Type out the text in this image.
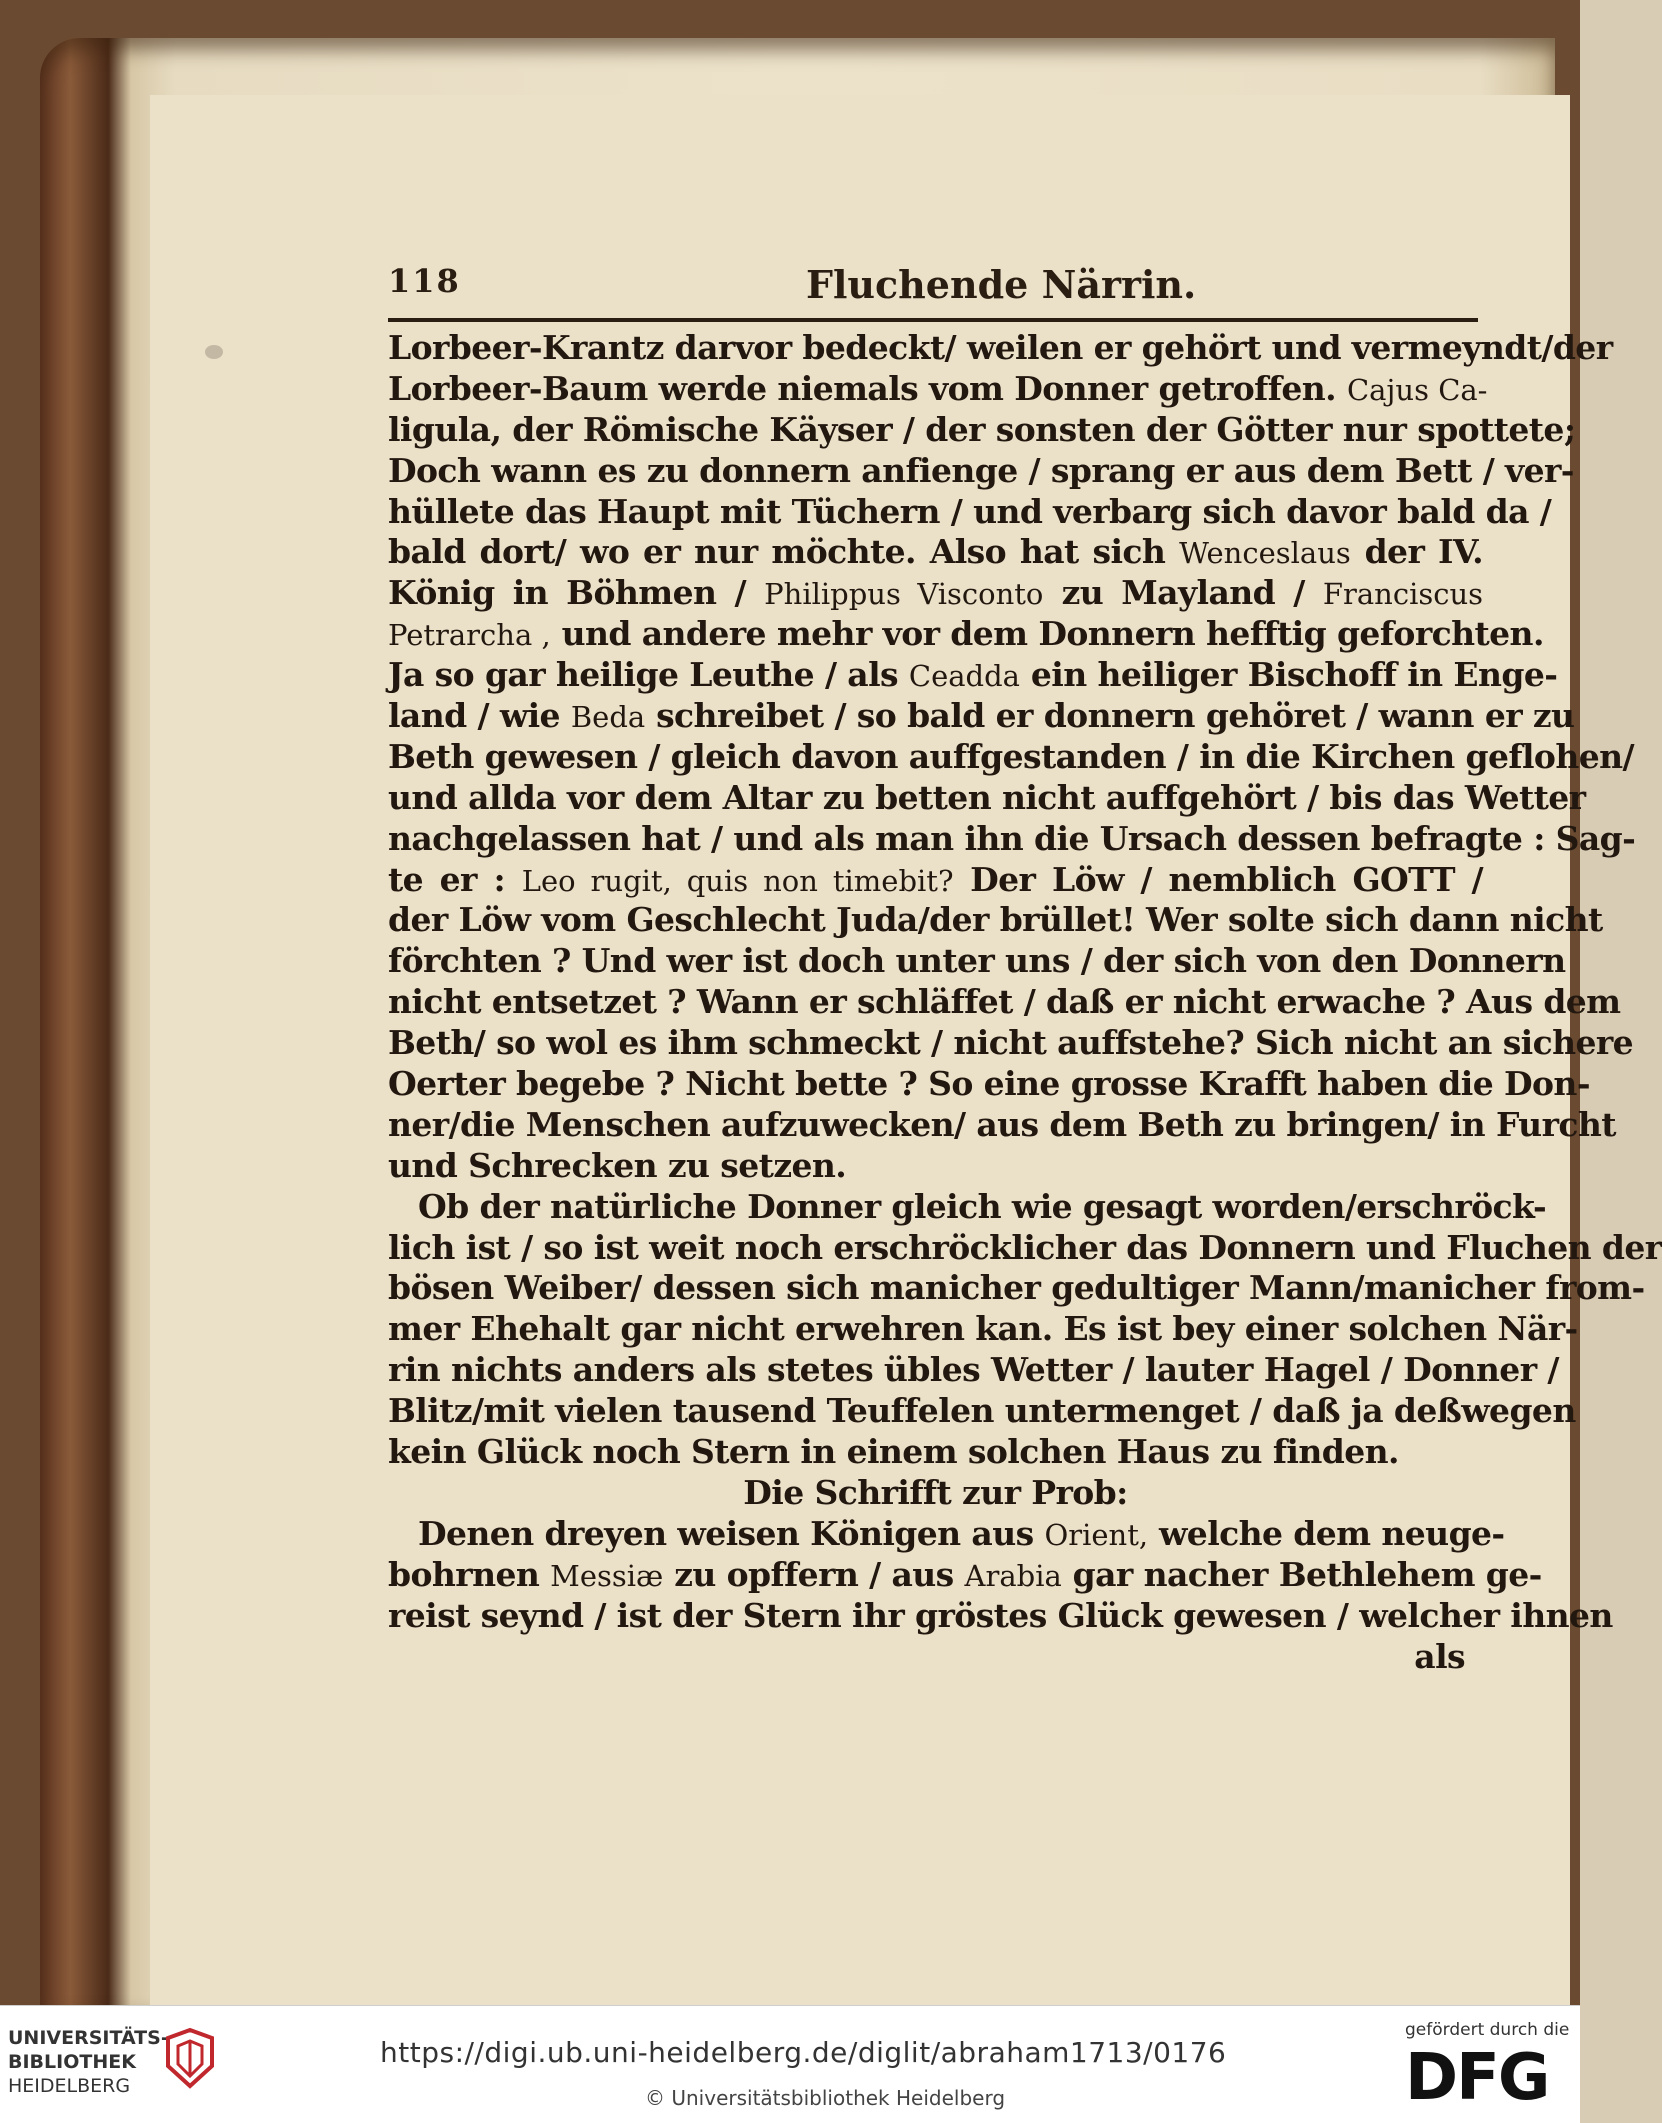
118	Fluchende Närrin.
Lorbeer-Krantz darvor bedeckt/ weilen er gehört und vermeyndt/der
Lorbeer-Baum werde niemals vom Donner getroffen. Cajus Ca-
ligula, der Römische Käyser / der sonsten der Götter nur spottete;
Doch wann es zu donnern anfienge / sprang er aus dem Bett / ver-
hüllete das Haupt mit Tüchern / und verbarg sich davor bald da /
bald dort/ wo er nur möchte. Also hat sich Wenceslaus der IV.
König in Böhmen / Philippus Visconto zu Mayland / Franciscus
Petrarcha , und andere mehr vor dem Donnern hefftig geforchten.
Ja so gar heilige Leuthe / als Ceadda ein heiliger Bischoff in Enge-
land / wie Beda schreibet / so bald er donnern gehöret / wann er zu
Beth gewesen / gleich davon auffgestanden / in die Kirchen geflohen/
und allda vor dem Altar zu betten nicht auffgehört / bis das Wetter
nachgelassen hat / und als man ihn die Ursach dessen befragte : Sag-
te er : Leo rugit, quis non timebit? Der Löw / nemblich GOTT /
der Löw vom Geschlecht Juda/der brüllet! Wer solte sich dann nicht
förchten ? Und wer ist doch unter uns / der sich von den Donnern
nicht entsetzet ? Wann er schläffet / daß er nicht erwache ? Aus dem
Beth/ so wol es ihm schmeckt / nicht auffstehe? Sich nicht an sichere
Oerter begebe ? Nicht bette ? So eine grosse Krafft haben die Don-
ner/die Menschen aufzuwecken/ aus dem Beth zu bringen/ in Furcht
und Schrecken zu setzen.
Ob der natürliche Donner gleich wie gesagt worden/erschröck-
lich ist / so ist weit noch erschröcklicher das Donnern und Fluchen der
bösen Weiber/ dessen sich manicher gedultiger Mann/manicher from-
mer Ehehalt gar nicht erwehren kan. Es ist bey einer solchen När-
rin nichts anders als stetes übles Wetter / lauter Hagel / Donner /
Blitz/mit vielen tausend Teuffelen untermenget / daß ja deßwegen
kein Glück noch Stern in einem solchen Haus zu finden.
Die Schrifft zur Prob:
Denen dreyen weisen Königen aus Orient, welche dem neuge-
bohrnen Messiæ zu opffern / aus Arabia gar nacher Bethlehem ge-
reist seynd / ist der Stern ihr gröstes Glück gewesen / welcher ihnen
als
UNIVERSITÄTS-
BIBLIOTHEK
HEIDELBERG
https://digi.ub.uni-heidelberg.de/diglit/abraham1713/0176
© Universitätsbibliothek Heidelberg
gefördert durch die
DFG
